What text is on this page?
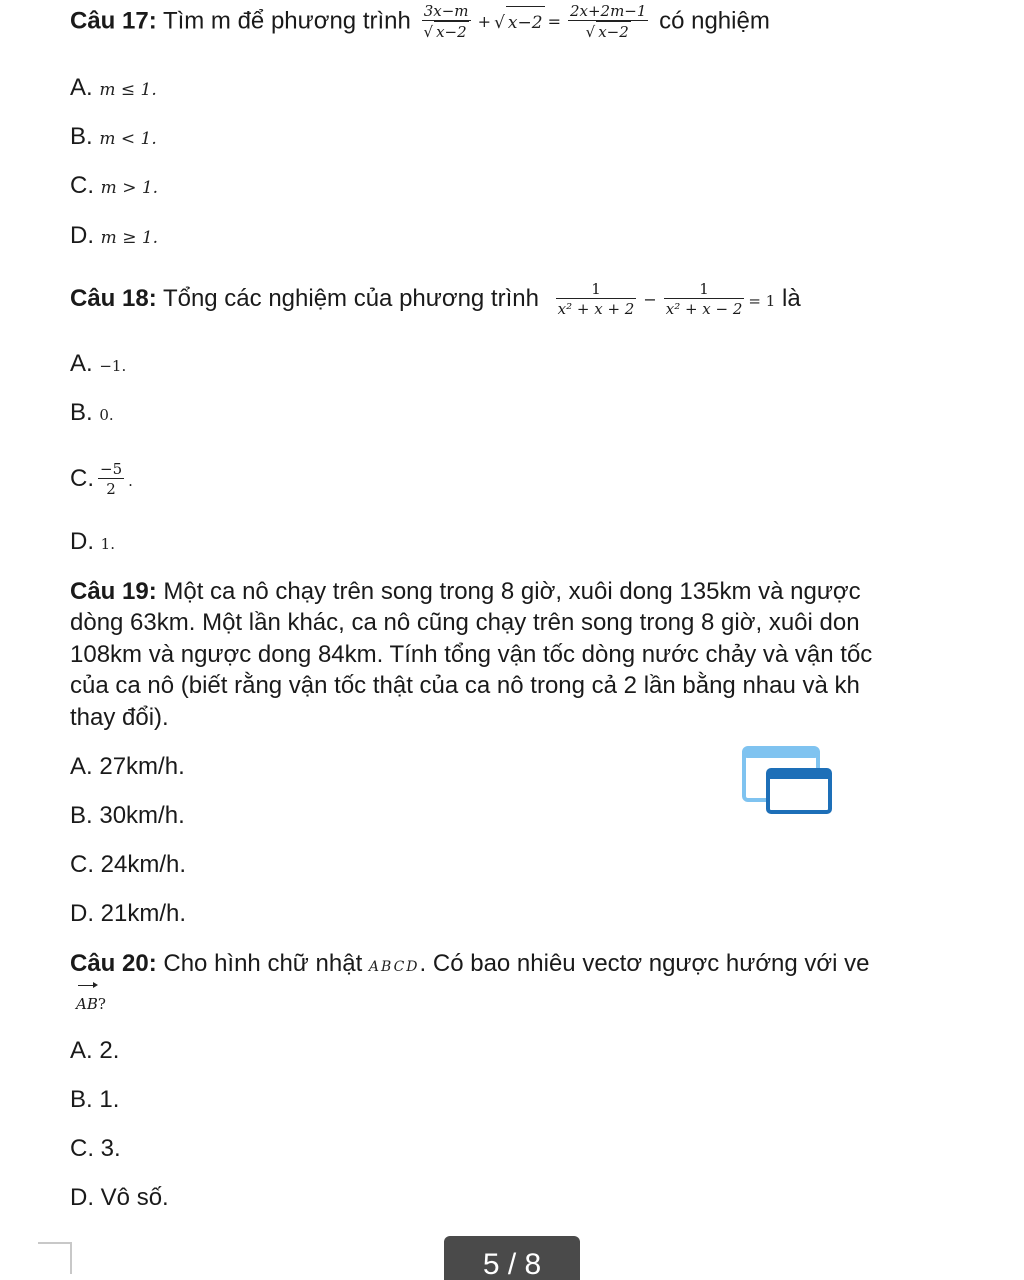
Câu 17: Tìm m để phương trình $\frac{3x-m}{√ x-2}$ + √ $x-2 = \frac{2x+2m-1}{√ x-2}$ có nghiệm
A. m ≤ 1.
B. m < 1.
C. m > 1.
D. m ≥ 1.
Câu 18: Tổng các nghiệm của phương trình $\frac{1}{\text{x² + x + 2}} - \frac{1}{\text{x² + x − 2}} = 1$ là
A. −1.
B. 0.
C. $\frac{-5}{2}$ .
D. 1.
Câu 19: Một ca nô chạy trên song trong 8 giờ, xuôi dong 135km và ngược
dòng 63km. Một lần khác, ca nô cũng chạy trên song trong 8 giờ, xuôi don
108km và ngược dong 84km. Tính tổng vận tốc dòng nước chảy và vận tốc
của ca nô (biết rằng vận tốc thật của ca nô trong cả 2 lần bằng nhau và kh
thay đổi).
A. 27km/h.
B. 30km/h.
C. 24km/h.
D. 21km/h.
Câu 20: Cho hình chữ nhật ABCD. Có bao nhiêu vectơ ngược hướng với ve
AB?
A. 2.
B. 1.
C. 3.
D. Vô số.
5 / 8
